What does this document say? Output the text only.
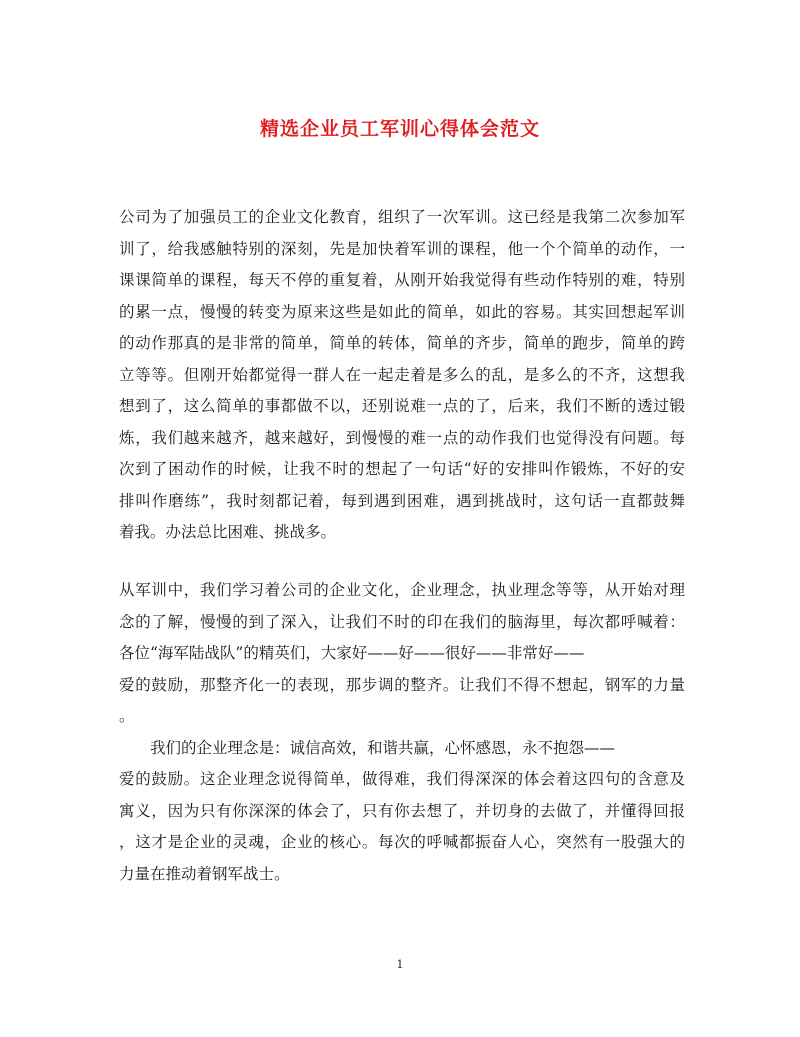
精选企业员工军训心得体会范文
公司为了加强员工的企业文化教育，组织了一次军训。这已经是我第二次参加军
训了，给我感触特别的深刻，先是加快着军训的课程，他一个个简单的动作，一
课课简单的课程，每天不停的重复着，从刚开始我觉得有些动作特别的难，特别
的累一点，慢慢的转变为原来这些是如此的简单，如此的容易。其实回想起军训
的动作那真的是非常的简单，简单的转体，简单的齐步，简单的跑步，简单的跨
立等等。但刚开始都觉得一群人在一起走着是多么的乱，是多么的不齐，这想我
想到了，这么简单的事都做不以，还别说难一点的了，后来，我们不断的透过锻
炼，我们越来越齐，越来越好，到慢慢的难一点的动作我们也觉得没有问题。每
次到了困动作的时候，让我不时的想起了一句话“好的安排叫作锻炼，不好的安
排叫作磨练”，我时刻都记着，每到遇到困难，遇到挑战时，这句话一直都鼓舞
着我。办法总比困难、挑战多。
从军训中，我们学习着公司的企业文化，企业理念，执业理念等等，从开始对理
念的了解，慢慢的到了深入，让我们不时的印在我们的脑海里，每次都呼喊着：
各位“海军陆战队”的精英们，大家好——好——很好——非常好——
爱的鼓励，那整齐化一的表现，那步调的整齐。让我们不得不想起，钢军的力量
。
　　我们的企业理念是：诚信高效，和谐共赢，心怀感恩，永不抱怨——
爱的鼓励。这企业理念说得简单，做得难，我们得深深的体会着这四句的含意及
寓义，因为只有你深深的体会了，只有你去想了，并切身的去做了，并懂得回报
，这才是企业的灵魂，企业的核心。每次的呼喊都振奋人心，突然有一股强大的
力量在推动着钢军战士。
1
